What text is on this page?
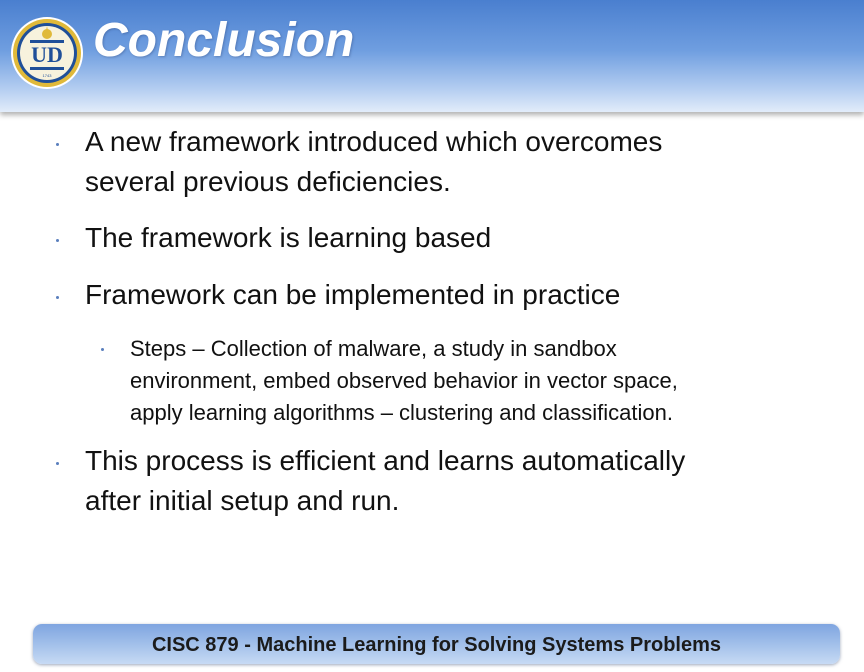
UD
1743
Conclusion
A new framework introduced which overcomes
several previous deficiencies.
The framework is learning based
Framework can be implemented in practice
Steps – Collection of malware, a study in sandbox
environment, embed observed behavior in vector space,
apply learning algorithms – clustering and classification.
This process is efficient and learns automatically
after initial setup and run.
CISC 879 - Machine Learning for Solving Systems Problems
